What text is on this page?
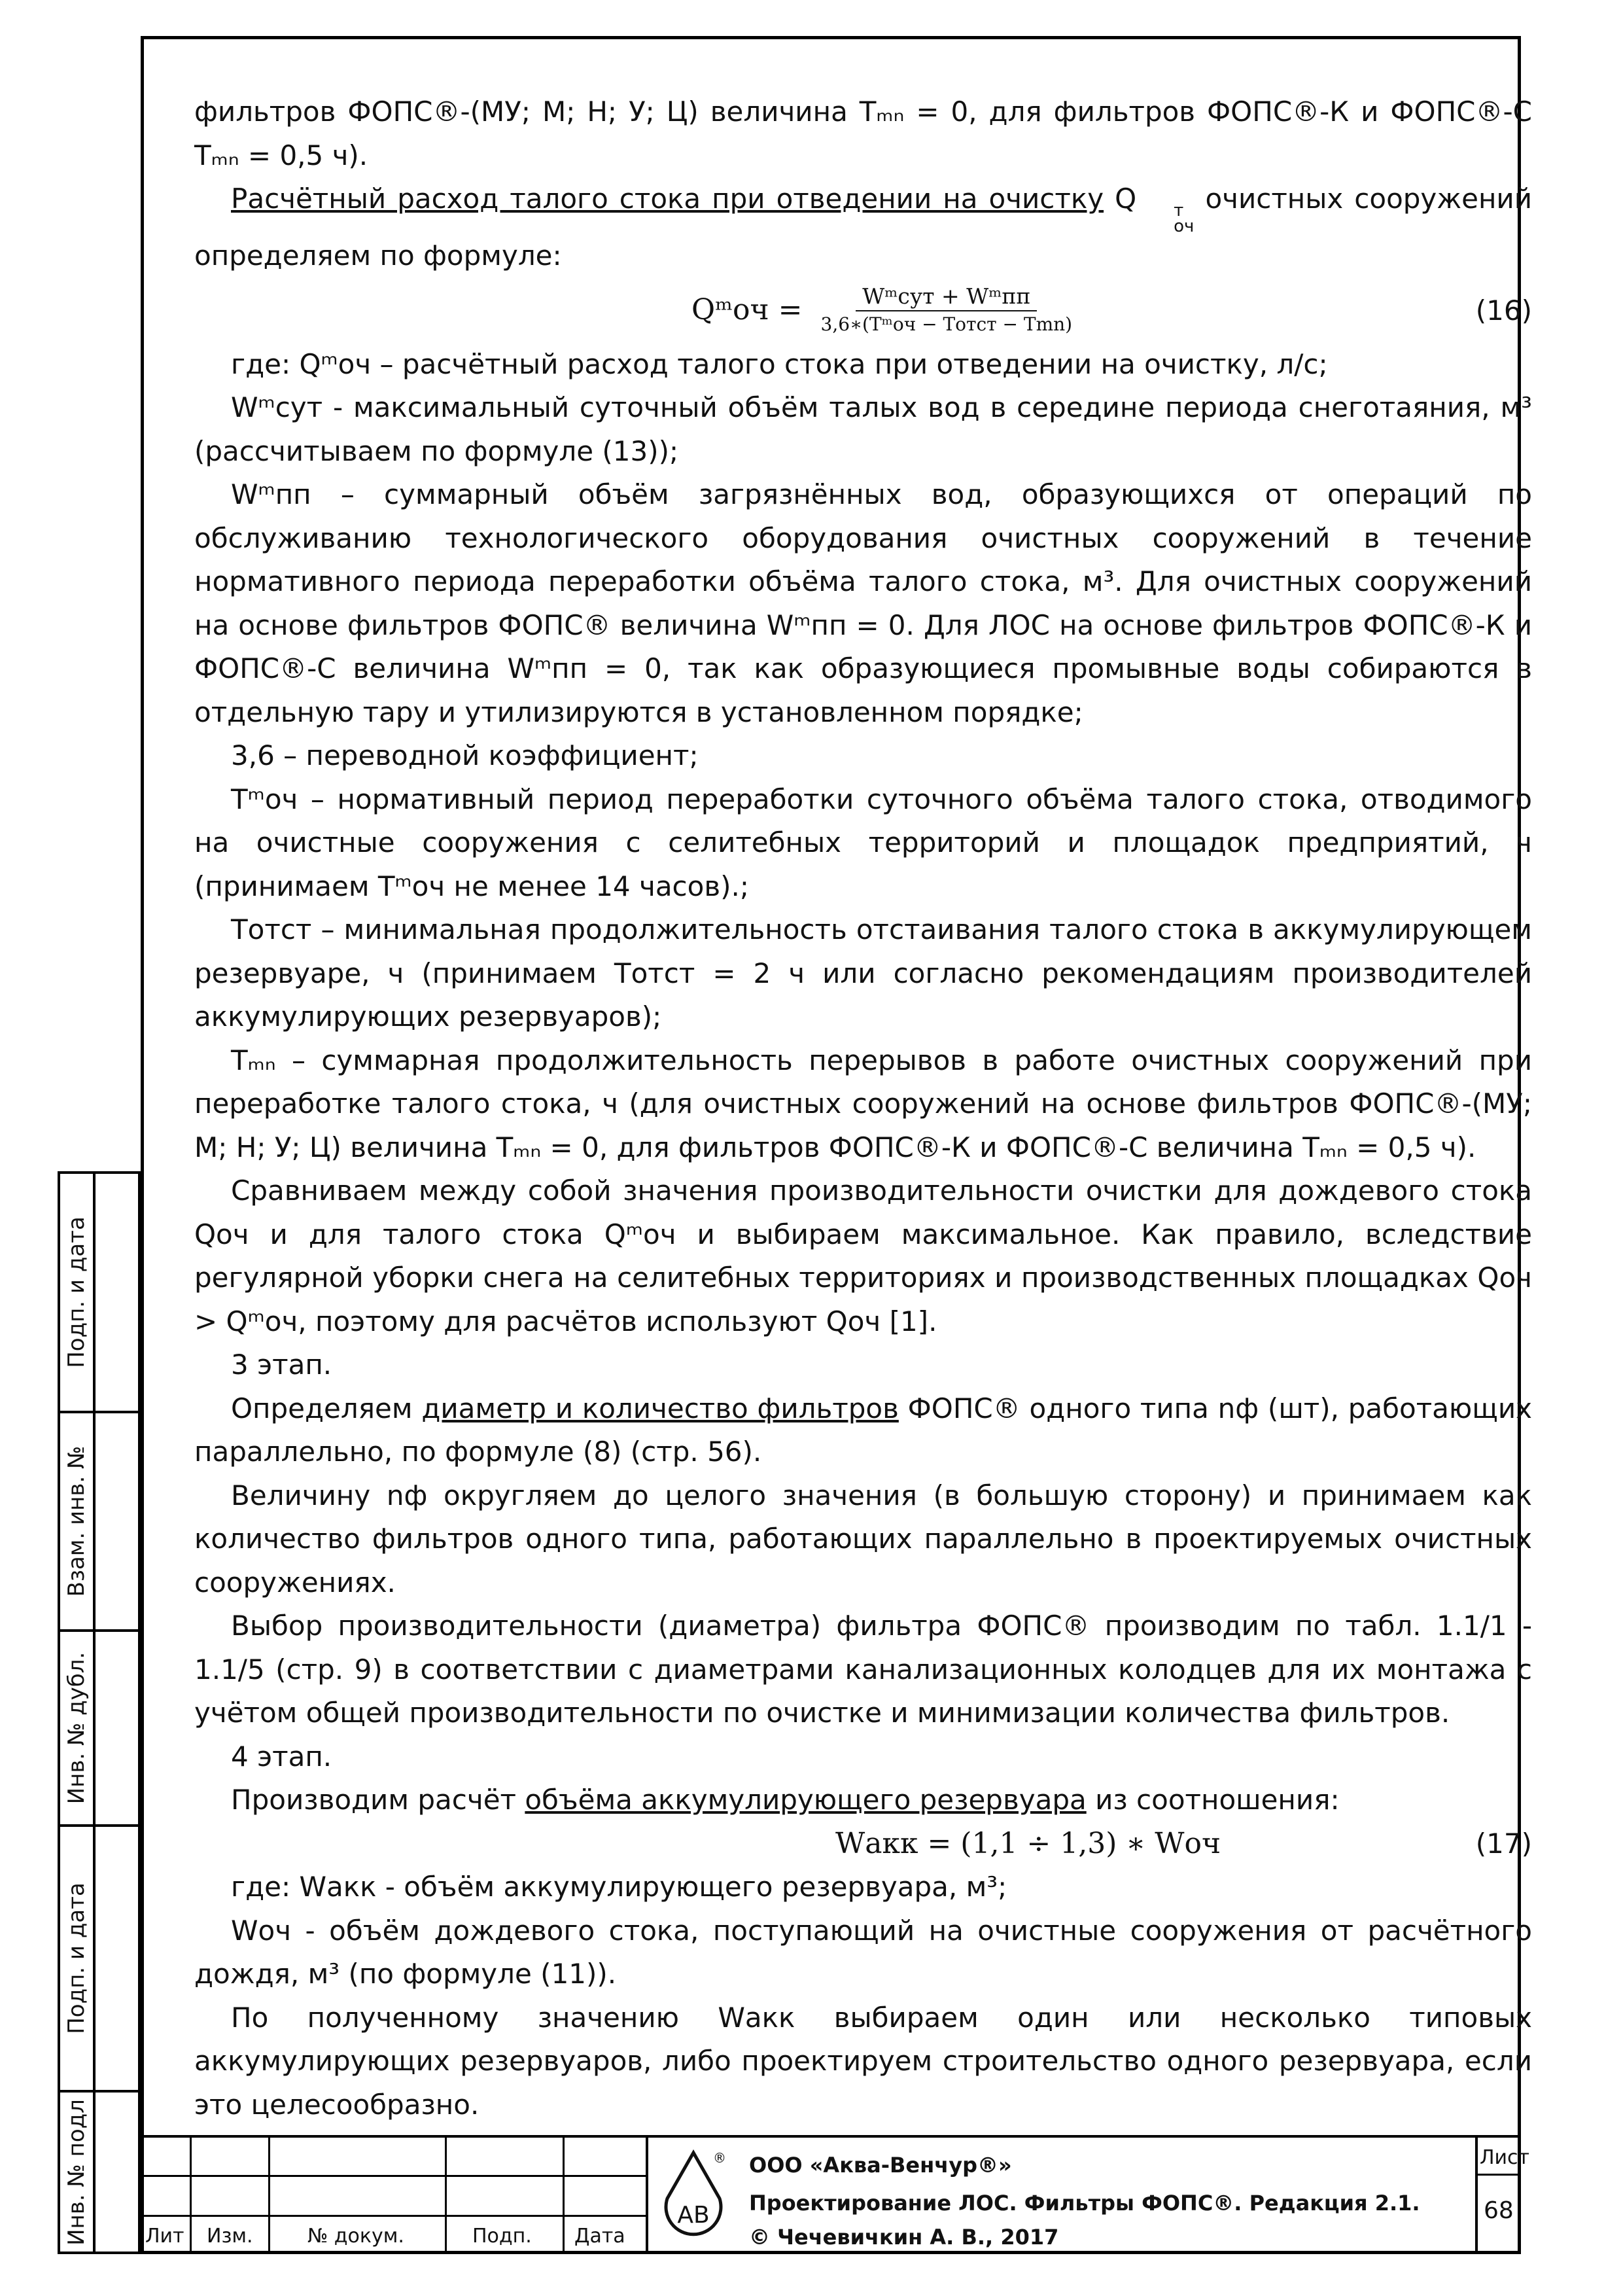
фильтров ФОПС®-(МУ; М; Н; У; Ц) величина Tₘₙ = 0, для фильтров ФОПС®-К и ФОПС®-С Tₘₙ = 0,5 ч).

Расчётный расход талого стока при отведении на очистку Q	т
оч
очистных сооружений определяем по формуле:

Qᵐоч = $\frac{\text{Wᵐсут + Wᵐпп}}{\text{3,6∗(Tᵐоч − Tотст − Tmn)}}$	(16)

где: Qᵐоч – расчётный расход талого стока при отведении на очистку, л/с;

Wᵐсут - максимальный суточный объём талых вод в середине периода снеготаяния, м³ (рассчитываем по формуле (13));

Wᵐпп – суммарный объём загрязнённых вод, образующихся от операций по обслуживанию технологического оборудования очистных сооружений в течение нормативного периода переработки объёма талого стока, м³. Для очистных сооружений на основе фильтров ФОПС® величина Wᵐпп = 0. Для ЛОС на основе фильтров ФОПС®-К и ФОПС®-С величина Wᵐпп = 0, так как образующиеся промывные воды собираются в отдельную тару и утилизируются в установленном порядке;

3,6 – переводной коэффициент;

Tᵐоч – нормативный период переработки суточного объёма талого стока, отводимого на очистные сооружения с селитебных территорий и площадок предприятий, ч (принимаем Tᵐоч не менее 14 часов).;

Tотст – минимальная продолжительность отстаивания талого стока в аккумулирующем резервуаре, ч (принимаем Tотст = 2 ч или согласно рекомендациям производителей аккумулирующих резервуаров);

Tₘₙ – суммарная продолжительность перерывов в работе очистных сооружений при переработке талого стока, ч (для очистных сооружений на основе фильтров ФОПС®-(МУ; М; Н; У; Ц) величина Tₘₙ = 0, для фильтров ФОПС®-К и ФОПС®-С величина Tₘₙ = 0,5 ч).

Сравниваем между собой значения производительности очистки для дождевого стока Qоч и для талого стока Qᵐоч и выбираем максимальное. Как правило, вследствие регулярной уборки снега на селитебных территориях и производственных площадках Qоч > Qᵐоч, поэтому для расчётов используют Qоч [1].

3 этап.

Определяем диаметр и количество фильтров ФОПС® одного типа nф (шт), работающих параллельно, по формуле (8) (стр. 56).

Величину nф округляем до целого значения (в большую сторону) и принимаем как количество фильтров одного типа, работающих параллельно в проектируемых очистных сооружениях.

Выбор производительности (диаметра) фильтра ФОПС® производим по табл. 1.1/1 - 1.1/5 (стр. 9) в соответствии с диаметрами канализационных колодцев для их монтажа с учётом общей производительности по очистке и минимизации количества фильтров.

4 этап.

Производим расчёт объёма аккумулирующего резервуара из соотношения:

Wакк = (1,1 ÷ 1,3) ∗ Wоч	(17)

где: Wакк - объём аккумулирующего резервуара, м³;

Wоч - объём дождевого стока, поступающий на очистные сооружения от расчётного дождя, м³ (по формуле (11)).

По полученному значению Wакк выбираем один или несколько типовых аккумулирующих резервуаров, либо проектируем строительство одного резервуара, если это целесообразно.

Подп. и дата
Взам. инв. №
Инв. № дубл.
Подп. и дата
Инв. № подл	Лит Изм.	№ докум.	Подп. Дата
АВ
® ООО «Аква-Венчур®»
Проектирование ЛОС. Фильтры ФОПС®. Редакция 2.1.
© Чечевичкин А. В., 2017
Лист
68
